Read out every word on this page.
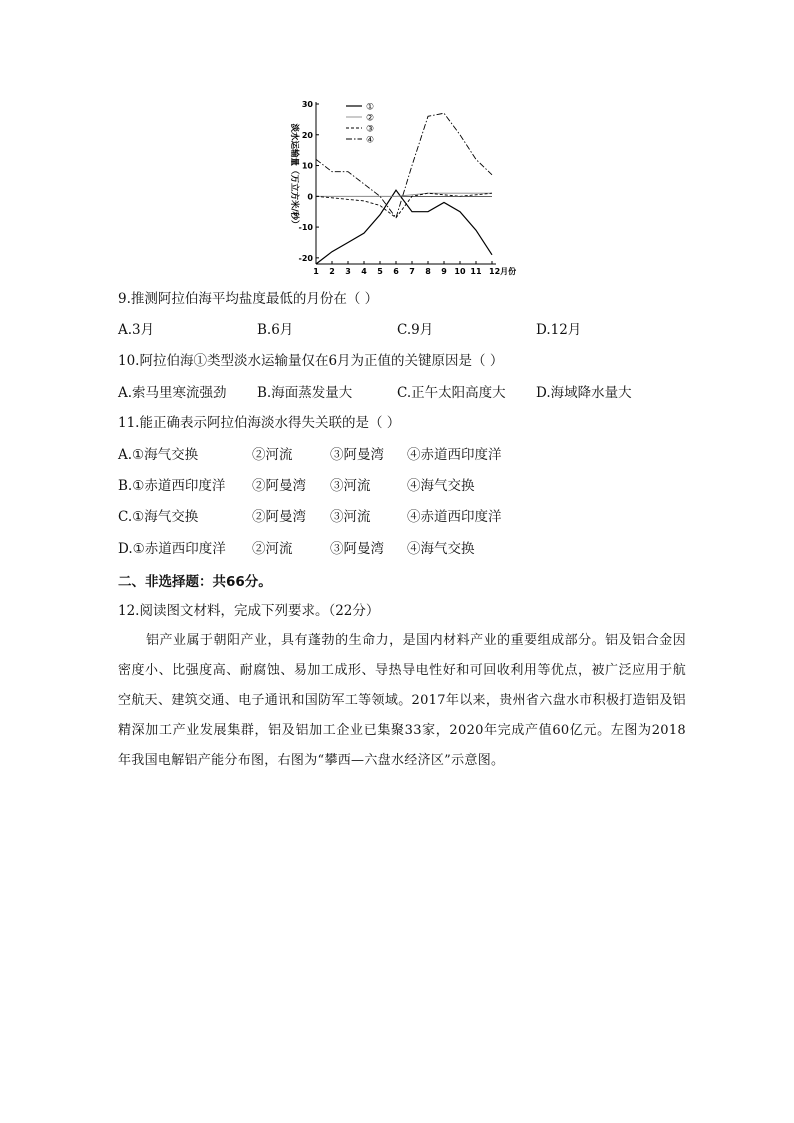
30
20
10
0
-10
-20
1 2 3 4 5 6 7 8 9 10 11 12月份
淡水运输量（万立方米/秒）
①
②
③
④
9.推测阿拉伯海平均盐度最低的月份在（ ）
A.3月	B.6月	C.9月	D.12月
10.阿拉伯海①类型淡水运输量仅在6月为正值的关键原因是（ ）
A.索马里寒流强劲 B.海面蒸发量大	C.正午太阳高度大 D.海域降水量大
11.能正确表示阿拉伯海淡水得失关联的是（ ）
A.①海气交换	②河流	③阿曼湾 ④赤道西印度洋
B.①赤道西印度洋 ②阿曼湾 ③河流	④海气交换
C.①海气交换	②阿曼湾 ③河流	④赤道西印度洋
D.①赤道西印度洋 ②河流	③阿曼湾 ④海气交换
二、非选择题：共66分。
12.阅读图文材料，完成下列要求。（22分）

铝产业属于朝阳产业，具有蓬勃的生命力，是国内材料产业的重要组成部分。铝及铝合金因密度小、比强度高、耐腐蚀、易加工成形、导热导电性好和可回收利用等优点，被广泛应用于航空航天、建筑交通、电子通讯和国防军工等领域。2017年以来，贵州省六盘水市积极打造铝及铝精深加工产业发展集群，铝及铝加工企业已集聚33家，2020年完成产值60亿元。左图为2018年我国电解铝产能分布图，右图为“攀西—六盘水经济区”示意图。
